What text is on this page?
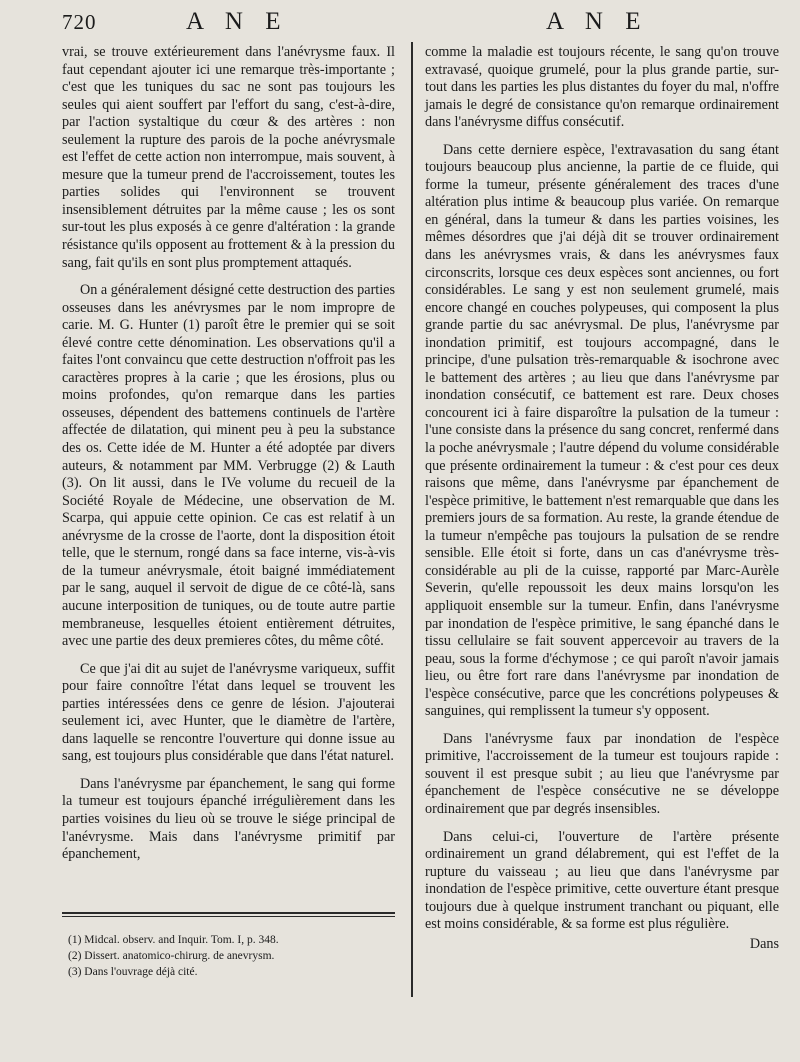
720	A N E	A N E

vrai, se trouve extérieurement dans l'anévrysme faux. Il faut cependant ajouter ici une remarque très-importante ; c'est que les tuniques du sac ne sont pas toujours les seules qui aient souffert par l'effort du sang, c'est-à-dire, par l'action systaltique du cœur & des artères : non seulement la rupture des parois de la poche anévrysmale est l'effet de cette action non interrompue, mais souvent, à mesure que la tumeur prend de l'accroissement, toutes les parties solides qui l'environnent se trouvent insensiblement détruites par la même cause ; les os sont sur-tout les plus exposés à ce genre d'altération : la grande résistance qu'ils opposent au frottement & à la pression du sang, fait qu'ils en sont plus promptement attaqués.

On a généralement désigné cette destruction des parties osseuses dans les anévrysmes par le nom impropre de carie. M. G. Hunter (1) paroît être le premier qui se soit élevé contre cette dénomination. Les observations qu'il a faites l'ont convaincu que cette destruction n'offroit pas les caractères propres à la carie ; que les érosions, plus ou moins profondes, qu'on remarque dans les parties osseuses, dépendent des battemens continuels de l'artère affectée de dilatation, qui minent peu à peu la substance des os. Cette idée de M. Hunter a été adoptée par divers auteurs, & notamment par MM. Verbrugge (2) & Lauth (3). On lit aussi, dans le IVe volume du recueil de la Société Royale de Médecine, une observation de M. Scarpa, qui appuie cette opinion. Ce cas est relatif à un anévrysme de la crosse de l'aorte, dont la disposition étoit telle, que le sternum, rongé dans sa face interne, vis-à-vis de la tumeur anévrysmale, étoit baigné immédiatement par le sang, auquel il servoit de digue de ce côté-là, sans aucune interposition de tuniques, ou de toute autre partie membraneuse, lesquelles étoient entièrement détruites, avec une partie des deux premieres côtes, du même côté.

Ce que j'ai dit au sujet de l'anévrysme variqueux, suffit pour faire connoître l'état dans lequel se trouvent les parties intéressées dens ce genre de lésion. J'ajouterai seulement ici, avec Hunter, que le diamètre de l'artère, dans laquelle se rencontre l'ouverture qui donne issue au sang, est toujours plus considérable que dans l'état naturel.

Dans l'anévrysme par épanchement, le sang qui forme la tumeur est toujours épanché irrégulièrement dans les parties voisines du lieu où se trouve le siége principal de l'anévrysme. Mais dans l'anévrysme primitif par épanchement,

comme la maladie est toujours récente, le sang qu'on trouve extravasé, quoique grumelé, pour la plus grande partie, sur-tout dans les parties les plus distantes du foyer du mal, n'offre jamais le degré de consistance qu'on remarque ordinairement dans l'anévrysme diffus consécutif.

Dans cette derniere espèce, l'extravasation du sang étant toujours beaucoup plus ancienne, la partie de ce fluide, qui forme la tumeur, présente généralement des traces d'une altération plus intime & beaucoup plus variée. On remarque en général, dans la tumeur & dans les parties voisines, les mêmes désordres que j'ai déjà dit se trouver ordinairement dans les anévrysmes vrais, & dans les anévrysmes faux circonscrits, lorsque ces deux espèces sont anciennes, ou fort considérables. Le sang y est non seulement grumelé, mais encore changé en couches polypeuses, qui composent la plus grande partie du sac anévrysmal. De plus, l'anévrysme par inondation primitif, est toujours accompagné, dans le principe, d'une pulsation très-remarquable & isochrone avec le battement des artères ; au lieu que dans l'anévrysme par inondation consécutif, ce battement est rare. Deux choses concourent ici à faire disparoître la pulsation de la tumeur : l'une consiste dans la présence du sang concret, renfermé dans la poche anévrysmale ; l'autre dépend du volume considérable que présente ordinairement la tumeur : & c'est pour ces deux raisons que même, dans l'anévrysme par épanchement de l'espèce primitive, le battement n'est remarquable que dans les premiers jours de sa formation. Au reste, la grande étendue de la tumeur n'empêche pas toujours la pulsation de se rendre sensible. Elle étoit si forte, dans un cas d'anévrysme très-considérable au pli de la cuisse, rapporté par Marc-Aurèle Severin, qu'elle repoussoit les deux mains lorsqu'on les appliquoit ensemble sur la tumeur. Enfin, dans l'anévrysme par inondation de l'espèce primitive, le sang épanché dans le tissu cellulaire se fait souvent appercevoir au travers de la peau, sous la forme d'échymose ; ce qui paroît n'avoir jamais lieu, ou être fort rare dans l'anévrysme par inondation de l'espèce consécutive, parce que les concrétions polypeuses & sanguines, qui remplissent la tumeur s'y opposent.

Dans l'anévrysme faux par inondation de l'espèce primitive, l'accroissement de la tumeur est toujours rapide : souvent il est presque subit ; au lieu que l'anévrysme par épanchement de l'espèce consécutive ne se développe ordinairement que par degrés insensibles.

Dans celui-ci, l'ouverture de l'artère présente ordinairement un grand délabrement, qui est l'effet de la rupture du vaisseau ; au lieu que dans l'anévrysme par inondation de l'espèce primitive, cette ouverture étant presque toujours due à quelque instrument tranchant ou piquant, elle est moins considérable, & sa forme est plus régulière.

Dans

(1) Midcal. observ. and Inquir. Tom. I, p. 348.

(2) Dissert. anatomico-chirurg. de anevrysm.

(3) Dans l'ouvrage déjà cité.
